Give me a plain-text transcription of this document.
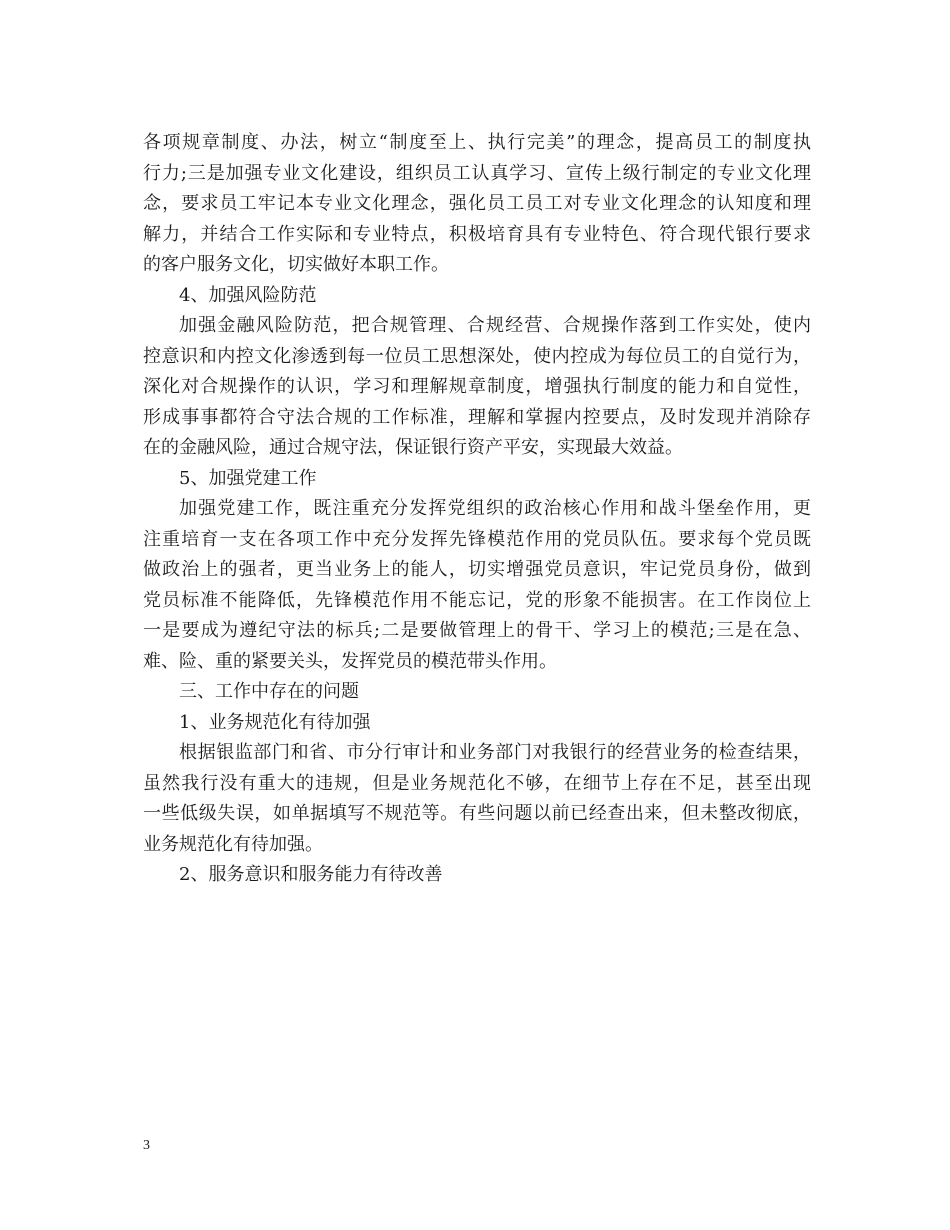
各项规章制度、办法，树立“制度至上、执行完美”的理念，提高员工的制度执
行力;三是加强专业文化建设，组织员工认真学习、宣传上级行制定的专业文化理
念，要求员工牢记本专业文化理念，强化员工员工对专业文化理念的认知度和理
解力，并结合工作实际和专业特点，积极培育具有专业特色、符合现代银行要求
的客户服务文化，切实做好本职工作。
4、加强风险防范
加强金融风险防范，把合规管理、合规经营、合规操作落到工作实处，使内
控意识和内控文化渗透到每一位员工思想深处，使内控成为每位员工的自觉行为，
深化对合规操作的认识，学习和理解规章制度，增强执行制度的能力和自觉性，
形成事事都符合守法合规的工作标准，理解和掌握内控要点，及时发现并消除存
在的金融风险，通过合规守法，保证银行资产平安，实现最大效益。
5、加强党建工作
加强党建工作，既注重充分发挥党组织的政治核心作用和战斗堡垒作用，更
注重培育一支在各项工作中充分发挥先锋模范作用的党员队伍。要求每个党员既
做政治上的强者，更当业务上的能人，切实增强党员意识，牢记党员身份，做到
党员标准不能降低，先锋模范作用不能忘记，党的形象不能损害。在工作岗位上
一是要成为遵纪守法的标兵;二是要做管理上的骨干、学习上的模范;三是在急、
难、险、重的紧要关头，发挥党员的模范带头作用。
三、工作中存在的问题
1、业务规范化有待加强
根据银监部门和省、市分行审计和业务部门对我银行的经营业务的检查结果，
虽然我行没有重大的违规，但是业务规范化不够，在细节上存在不足，甚至出现
一些低级失误，如单据填写不规范等。有些问题以前已经查出来，但未整改彻底，
业务规范化有待加强。
2、服务意识和服务能力有待改善
3
